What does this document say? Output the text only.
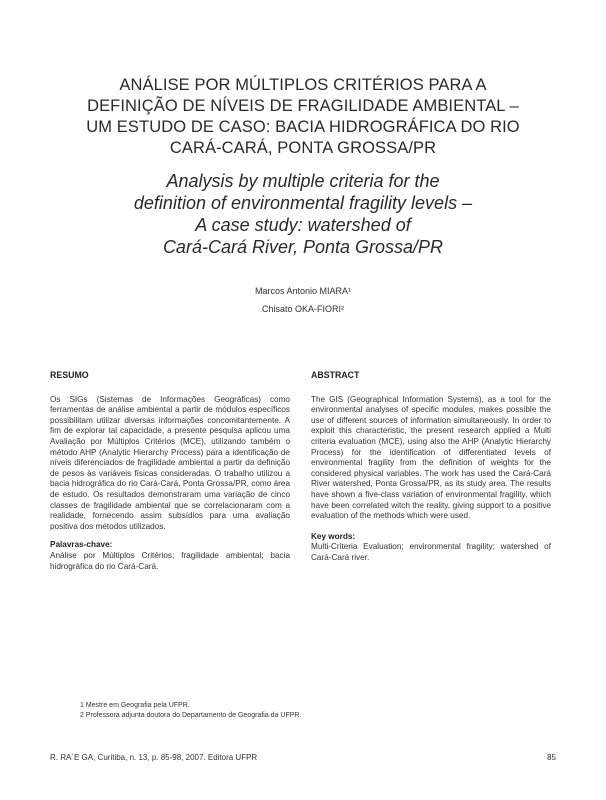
ANÁLISE POR MÚLTIPLOS CRITÉRIOS PARA A
DEFINIÇÃO DE NÍVEIS DE FRAGILIDADE AMBIENTAL –
UM ESTUDO DE CASO: BACIA HIDROGRÁFICA DO RIO
CARÁ-CARÁ, PONTA GROSSA/PR
Analysis by multiple criteria for the
definition of environmental fragility levels –
A case study: watershed of
Cará-Cará River, Ponta Grossa/PR
Marcos Antonio MIARA¹
Chisato OKA-FIORI²
RESUMO
Os SIGs (Sistemas de Informações Geográficas) como ferramentas de análise ambiental a partir de módulos específicos possibilitam utilizar diversas informações concomitantemente. A fim de explorar tal capacidade, a presente pesquisa aplicou uma Avaliação por Múltiplos Critérios (MCE), utilizando também o método AHP (Analytic Hierarchy Process) para a identificação de níveis diferenciados de fragilidade ambiental a partir da definição de pesos às variáveis físicas consideradas. O trabalho utilizou a bacia hidrográfica do rio Cará-Cará, Ponta Grossa/PR, como área de estudo. Os resultados demonstraram uma variação de cinco classes de fragilidade ambiental que se correlacionaram com a realidade, fornecendo assim subsídios para uma avaliação positiva dos métodos utilizados.
Palavras-chave:
Análise por Múltiplos Critérios; fragilidade ambiental; bacia hidrográfica do rio Cará-Cará.
ABSTRACT
The GIS (Geographical Information Systems), as a tool for the environmental analyses of specific modules, makes possible the use of different sources of information simultaneously. In order to exploit this characteristic, the present research applied a Multi criteria evaluation (MCE), using also the AHP (Analytic Hierarchy Process) for the identification of differentiated levels of environmental fragility from the definition of weights for the considered physical variables. The work has used the Cará-Cará River watershed, Ponta Grossa/PR, as its study area. The results have shown a five-class variation of environmental fragility, which have been correlated witch the reality, giving support to a positive evaluation of the methods which were used.
Key words:
Multi-Criteria Evaluation; environmental fragility; watershed of Cará-Cará river.
1 Mestre em Geografia pela UFPR.
2 Professora adjunta doutora do Departamento de Geografia da UFPR.
R. RA´E GA, Curitiba, n. 13, p. 85-98, 2007. Editora UFPR	85
